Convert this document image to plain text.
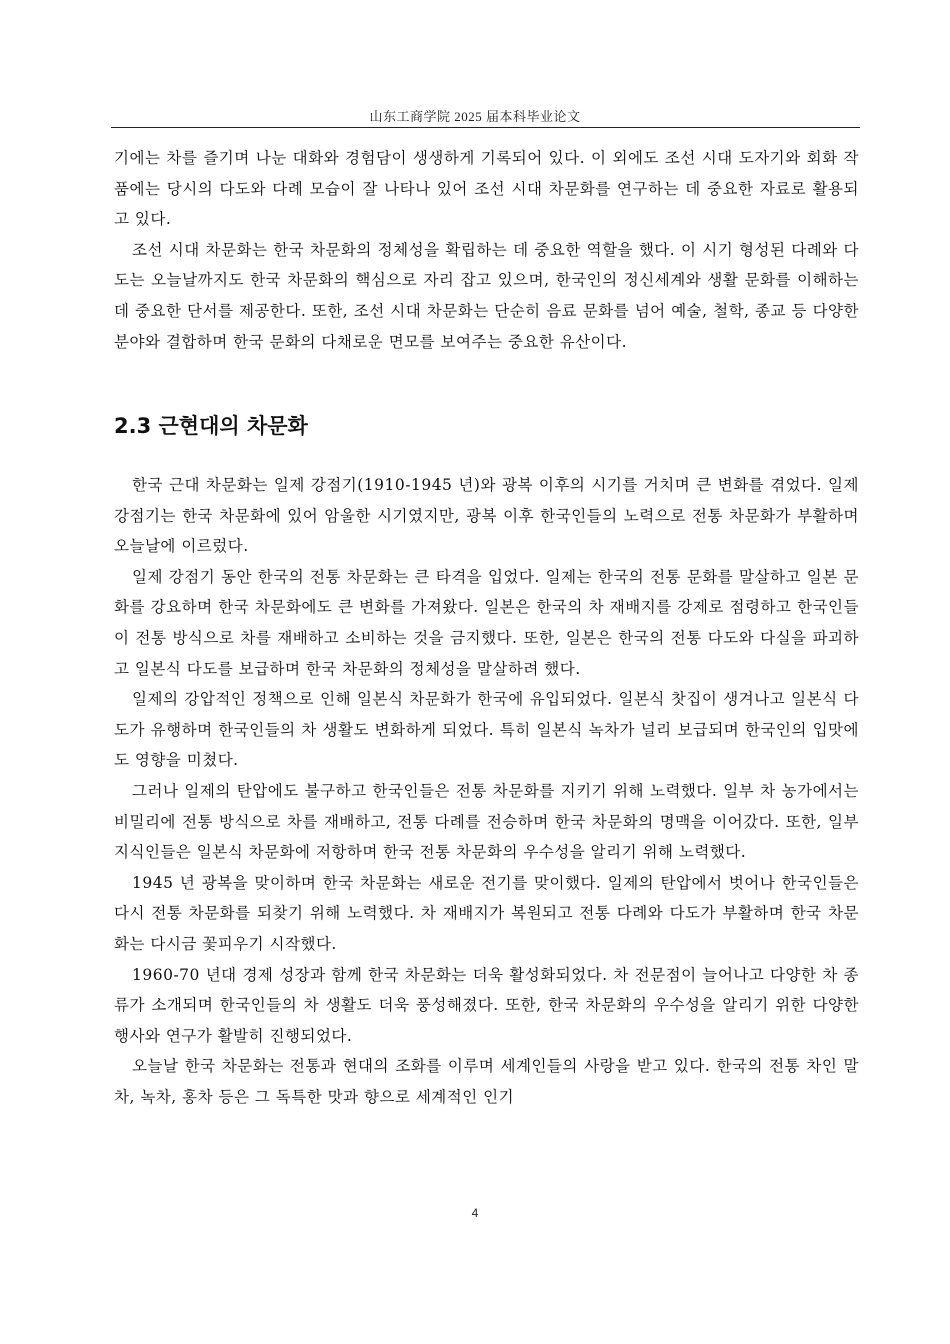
山东工商学院 2025 届本科毕业论文

기에는 차를 즐기며 나눈 대화와 경험담이 생생하게 기록되어 있다. 이 외에도 조선 시대 도자기와 회화 작품에는 당시의 다도와 다례 모습이 잘 나타나 있어 조선 시대 차문화를 연구하는 데 중요한 자료로 활용되고 있다.

조선 시대 차문화는 한국 차문화의 정체성을 확립하는 데 중요한 역할을 했다. 이 시기 형성된 다례와 다도는 오늘날까지도 한국 차문화의 핵심으로 자리 잡고 있으며, 한국인의 정신세계와 생활 문화를 이해하는 데 중요한 단서를 제공한다. 또한, 조선 시대 차문화는 단순히 음료 문화를 넘어 예술, 철학, 종교 등 다양한 분야와 결합하며 한국 문화의 다채로운 면모를 보여주는 중요한 유산이다.

2.3 근현대의 차문화

한국 근대 차문화는 일제 강점기(1910-1945 년)와 광복 이후의 시기를 거치며 큰 변화를 겪었다. 일제 강점기는 한국 차문화에 있어 암울한 시기였지만, 광복 이후 한국인들의 노력으로 전통 차문화가 부활하며 오늘날에 이르렀다.

일제 강점기 동안 한국의 전통 차문화는 큰 타격을 입었다. 일제는 한국의 전통 문화를 말살하고 일본 문화를 강요하며 한국 차문화에도 큰 변화를 가져왔다. 일본은 한국의 차 재배지를 강제로 점령하고 한국인들이 전통 방식으로 차를 재배하고 소비하는 것을 금지했다. 또한, 일본은 한국의 전통 다도와 다실을 파괴하고 일본식 다도를 보급하며 한국 차문화의 정체성을 말살하려 했다.

일제의 강압적인 정책으로 인해 일본식 차문화가 한국에 유입되었다. 일본식 찻집이 생겨나고 일본식 다도가 유행하며 한국인들의 차 생활도 변화하게 되었다. 특히 일본식 녹차가 널리 보급되며 한국인의 입맛에도 영향을 미쳤다.

그러나 일제의 탄압에도 불구하고 한국인들은 전통 차문화를 지키기 위해 노력했다. 일부 차 농가에서는 비밀리에 전통 방식으로 차를 재배하고, 전통 다례를 전승하며 한국 차문화의 명맥을 이어갔다. 또한, 일부 지식인들은 일본식 차문화에 저항하며 한국 전통 차문화의 우수성을 알리기 위해 노력했다.

1945 년 광복을 맞이하며 한국 차문화는 새로운 전기를 맞이했다. 일제의 탄압에서 벗어나 한국인들은 다시 전통 차문화를 되찾기 위해 노력했다. 차 재배지가 복원되고 전통 다례와 다도가 부활하며 한국 차문화는 다시금 꽃피우기 시작했다.

1960-70 년대 경제 성장과 함께 한국 차문화는 더욱 활성화되었다. 차 전문점이 늘어나고 다양한 차 종류가 소개되며 한국인들의 차 생활도 더욱 풍성해졌다. 또한, 한국 차문화의 우수성을 알리기 위한 다양한 행사와 연구가 활발히 진행되었다.

오늘날 한국 차문화는 전통과 현대의 조화를 이루며 세계인들의 사랑을 받고 있다. 한국의 전통 차인 말차, 녹차, 홍차 등은 그 독특한 맛과 향으로 세계적인 인기

4
